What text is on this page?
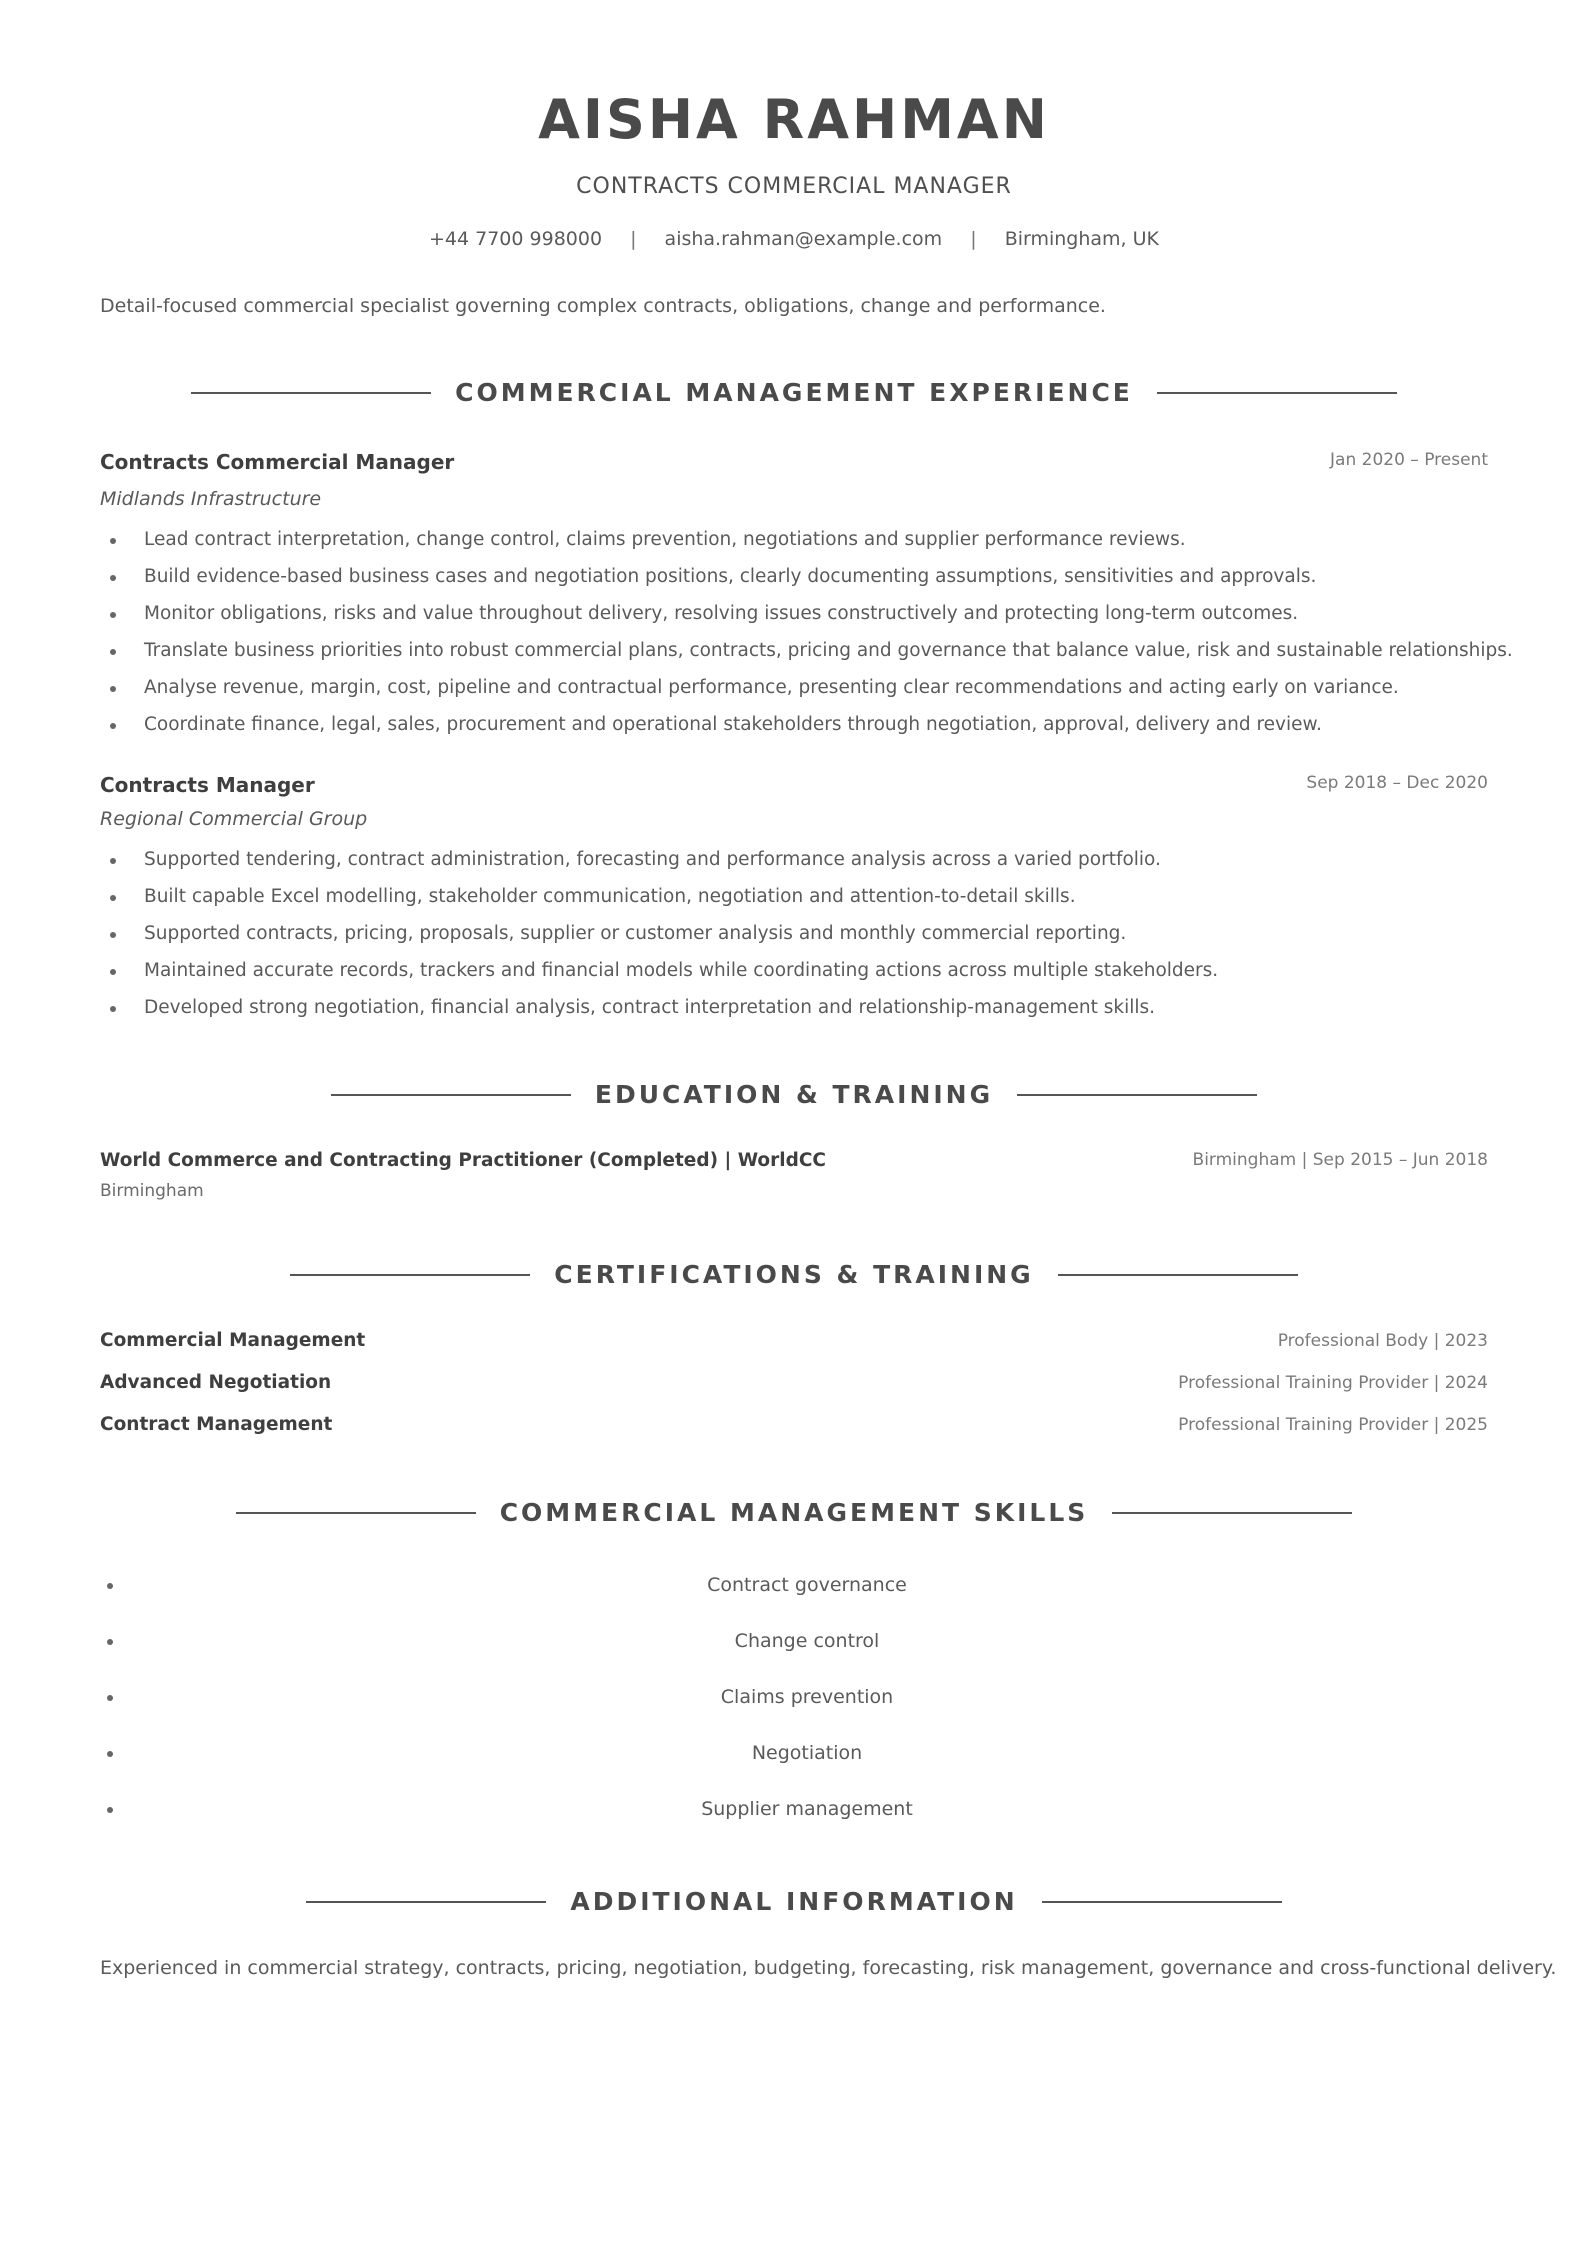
AISHA RAHMAN
CONTRACTS COMMERCIAL MANAGER
+44 7700 998000 | aisha.rahman@example.com | Birmingham, UK
Detail-focused commercial specialist governing complex contracts, obligations, change and performance.
COMMERCIAL MANAGEMENT EXPERIENCE
Contracts Commercial Manager	Jan 2020 – Present
Midlands Infrastructure
Lead contract interpretation, change control, claims prevention, negotiations and supplier performance reviews.
Build evidence-based business cases and negotiation positions, clearly documenting assumptions, sensitivities and approvals.
Monitor obligations, risks and value throughout delivery, resolving issues constructively and protecting long-term outcomes.
Translate business priorities into robust commercial plans, contracts, pricing and governance that balance value, risk and sustainable relationships.
Analyse revenue, margin, cost, pipeline and contractual performance, presenting clear recommendations and acting early on variance.
Coordinate finance, legal, sales, procurement and operational stakeholders through negotiation, approval, delivery and review.
Contracts Manager	Sep 2018 – Dec 2020
Regional Commercial Group
Supported tendering, contract administration, forecasting and performance analysis across a varied portfolio.
Built capable Excel modelling, stakeholder communication, negotiation and attention-to-detail skills.
Supported contracts, pricing, proposals, supplier or customer analysis and monthly commercial reporting.
Maintained accurate records, trackers and financial models while coordinating actions across multiple stakeholders.
Developed strong negotiation, financial analysis, contract interpretation and relationship-management skills.
EDUCATION & TRAINING
World Commerce and Contracting Practitioner (Completed) | WorldCC	Birmingham | Sep 2015 – Jun 2018
Birmingham
CERTIFICATIONS & TRAINING
Commercial Management	Professional Body | 2023
Advanced Negotiation	Professional Training Provider | 2024
Contract Management	Professional Training Provider | 2025
COMMERCIAL MANAGEMENT SKILLS
Contract governance
Change control
Claims prevention
Negotiation
Supplier management
ADDITIONAL INFORMATION
Experienced in commercial strategy, contracts, pricing, negotiation, budgeting, forecasting, risk management, governance and cross-functional delivery.
